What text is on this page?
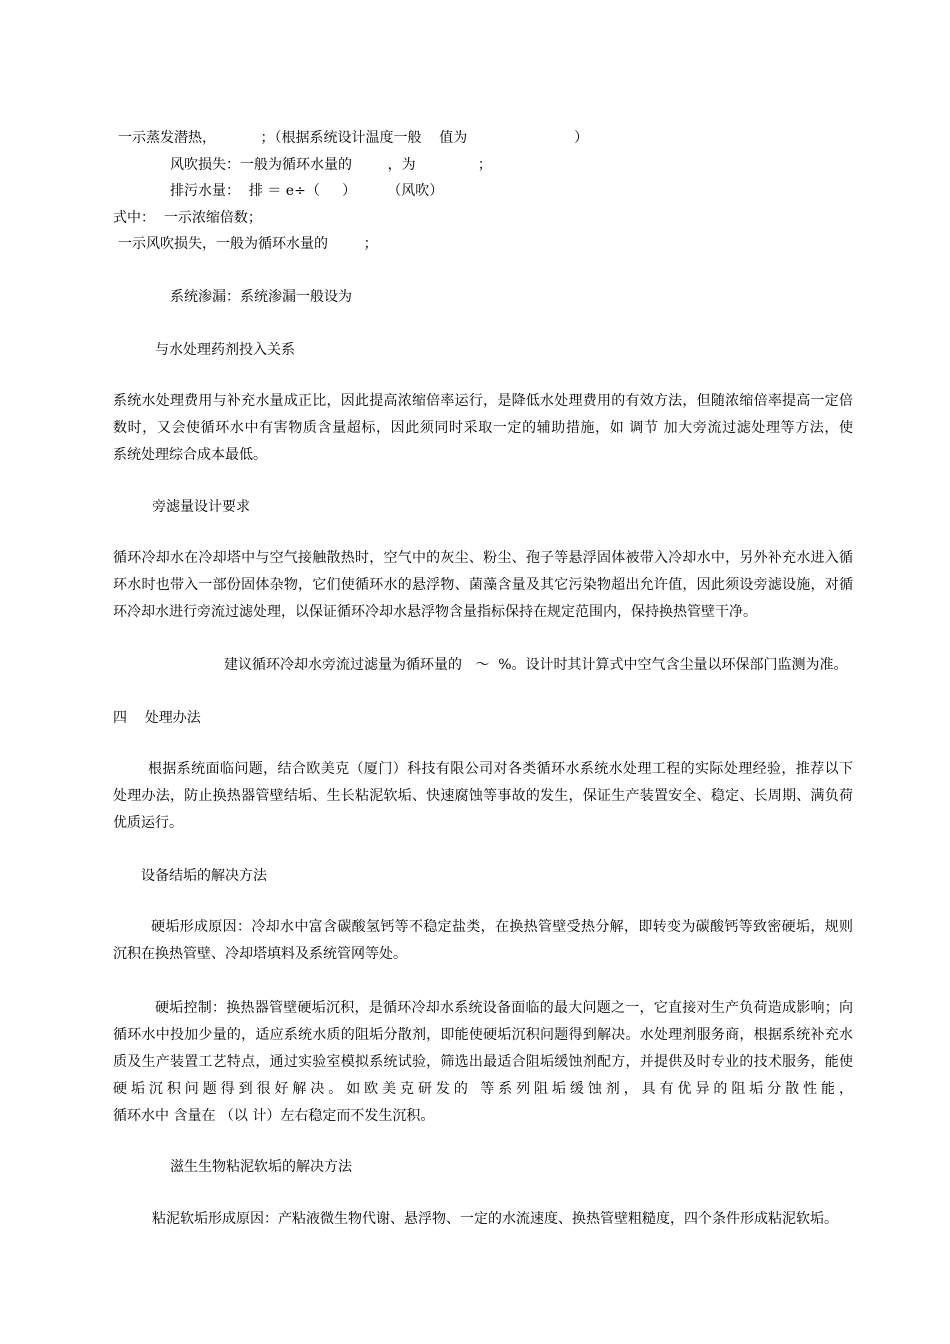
一示蒸发潜热，          ；（根据系统设计温度一般    值为                        ）
风吹损失：一般为循环水量的        ，为              ；
排污水量：  排 ＝ e÷（     ）       （风吹）
式中：  一示浓缩倍数；
一示风吹损失，一般为循环水量的        ；
系统渗漏：系统渗漏一般设为
与水处理药剂投入关系
系统水处理费用与补充水量成正比，因此提高浓缩倍率运行，是降低水处理费用的有效方法，但随浓缩倍率提高一定倍
数时，又会使循环水中有害物质含量超标，因此须同时采取一定的辅助措施，如 调节 加大旁流过滤处理等方法，使
系统处理综合成本最低。
旁滤量设计要求
循环冷却水在冷却塔中与空气接触散热时，空气中的灰尘、粉尘、孢子等悬浮固体被带入冷却水中，另外补充水进入循
环水时也带入一部份固体杂物，它们使循环水的悬浮物、菌藻含量及其它污染物超出允许值，因此须设旁滤设施，对循
环冷却水进行旁流过滤处理，以保证循环冷却水悬浮物含量指标保持在规定范围内，保持换热管壁干净。
建议循环冷却水旁流过滤量为循环量的   ～  %。设计时其计算式中空气含尘量以环保部门监测为准。
四    处理办法
根据系统面临问题，结合欧美克（厦门）科技有限公司对各类循环水系统水处理工程的实际处理经验，推荐以下
处理办法，防止换热器管壁结垢、生长粘泥软垢、快速腐蚀等事故的发生，保证生产装置安全、稳定、长周期、满负荷
优质运行。
设备结垢的解决方法
硬垢形成原因：冷却水中富含碳酸氢钙等不稳定盐类，在换热管壁受热分解，即转变为碳酸钙等致密硬垢，规则
沉积在换热管壁、冷却塔填料及系统管网等处。
硬垢控制：换热器管壁硬垢沉积，是循环冷却水系统设备面临的最大问题之一，它直接对生产负荷造成影响；向
循环水中投加少量的，适应系统水质的阻垢分散剂，即能使硬垢沉积问题得到解决。水处理剂服务商，根据系统补充水
质及生产装置工艺特点，通过实验室模拟系统试验，筛选出最适合阻垢缓蚀剂配方，并提供及时专业的技术服务，能使
硬垢沉积问题得到很好解决。如欧美克研发的 等系列阻垢缓蚀剂，具有优异的阻垢分散性能，
循环水中 含量在 （以 计）左右稳定而不发生沉积。
滋生生物粘泥软垢的解决方法
粘泥软垢形成原因：产粘液微生物代谢、悬浮物、一定的水流速度、换热管壁粗糙度，四个条件形成粘泥软垢。
